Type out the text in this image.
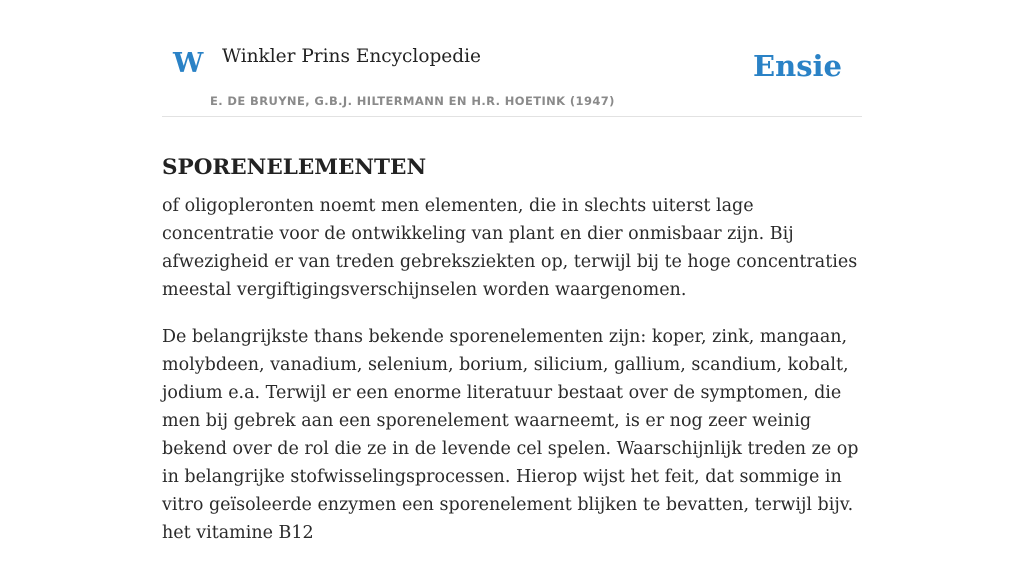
W Winkler Prins Encyclopedie
E. DE BRUYNE, G.B.J. HILTERMANN EN H.R. HOETINK (1947)
Ensie
SPORENELEMENTEN

of oligopleronten noemt men elementen, die in slechts uiterst lage concentratie voor de ontwikkeling van plant en dier onmisbaar zijn. Bij afwezigheid er van treden gebreksziekten op, terwijl bij te hoge concentraties meestal vergiftigingsverschijnselen worden waargenomen.

De belangrijkste thans bekende sporenelementen zijn: koper, zink, mangaan, molybdeen, vanadium, selenium, borium, silicium, gallium, scandium, kobalt, jodium e.a. Terwijl er een enorme literatuur bestaat over de symptomen, die men bij gebrek aan een sporenelement waarneemt, is er nog zeer weinig bekend over de rol die ze in de levende cel spelen. Waarschijnlijk treden ze op in belangrijke stofwisselingsprocessen. Hierop wijst het feit, dat sommige in vitro geïsoleerde enzymen een sporenelement blijken te bevatten, terwijl bijv. het vitamine B12
